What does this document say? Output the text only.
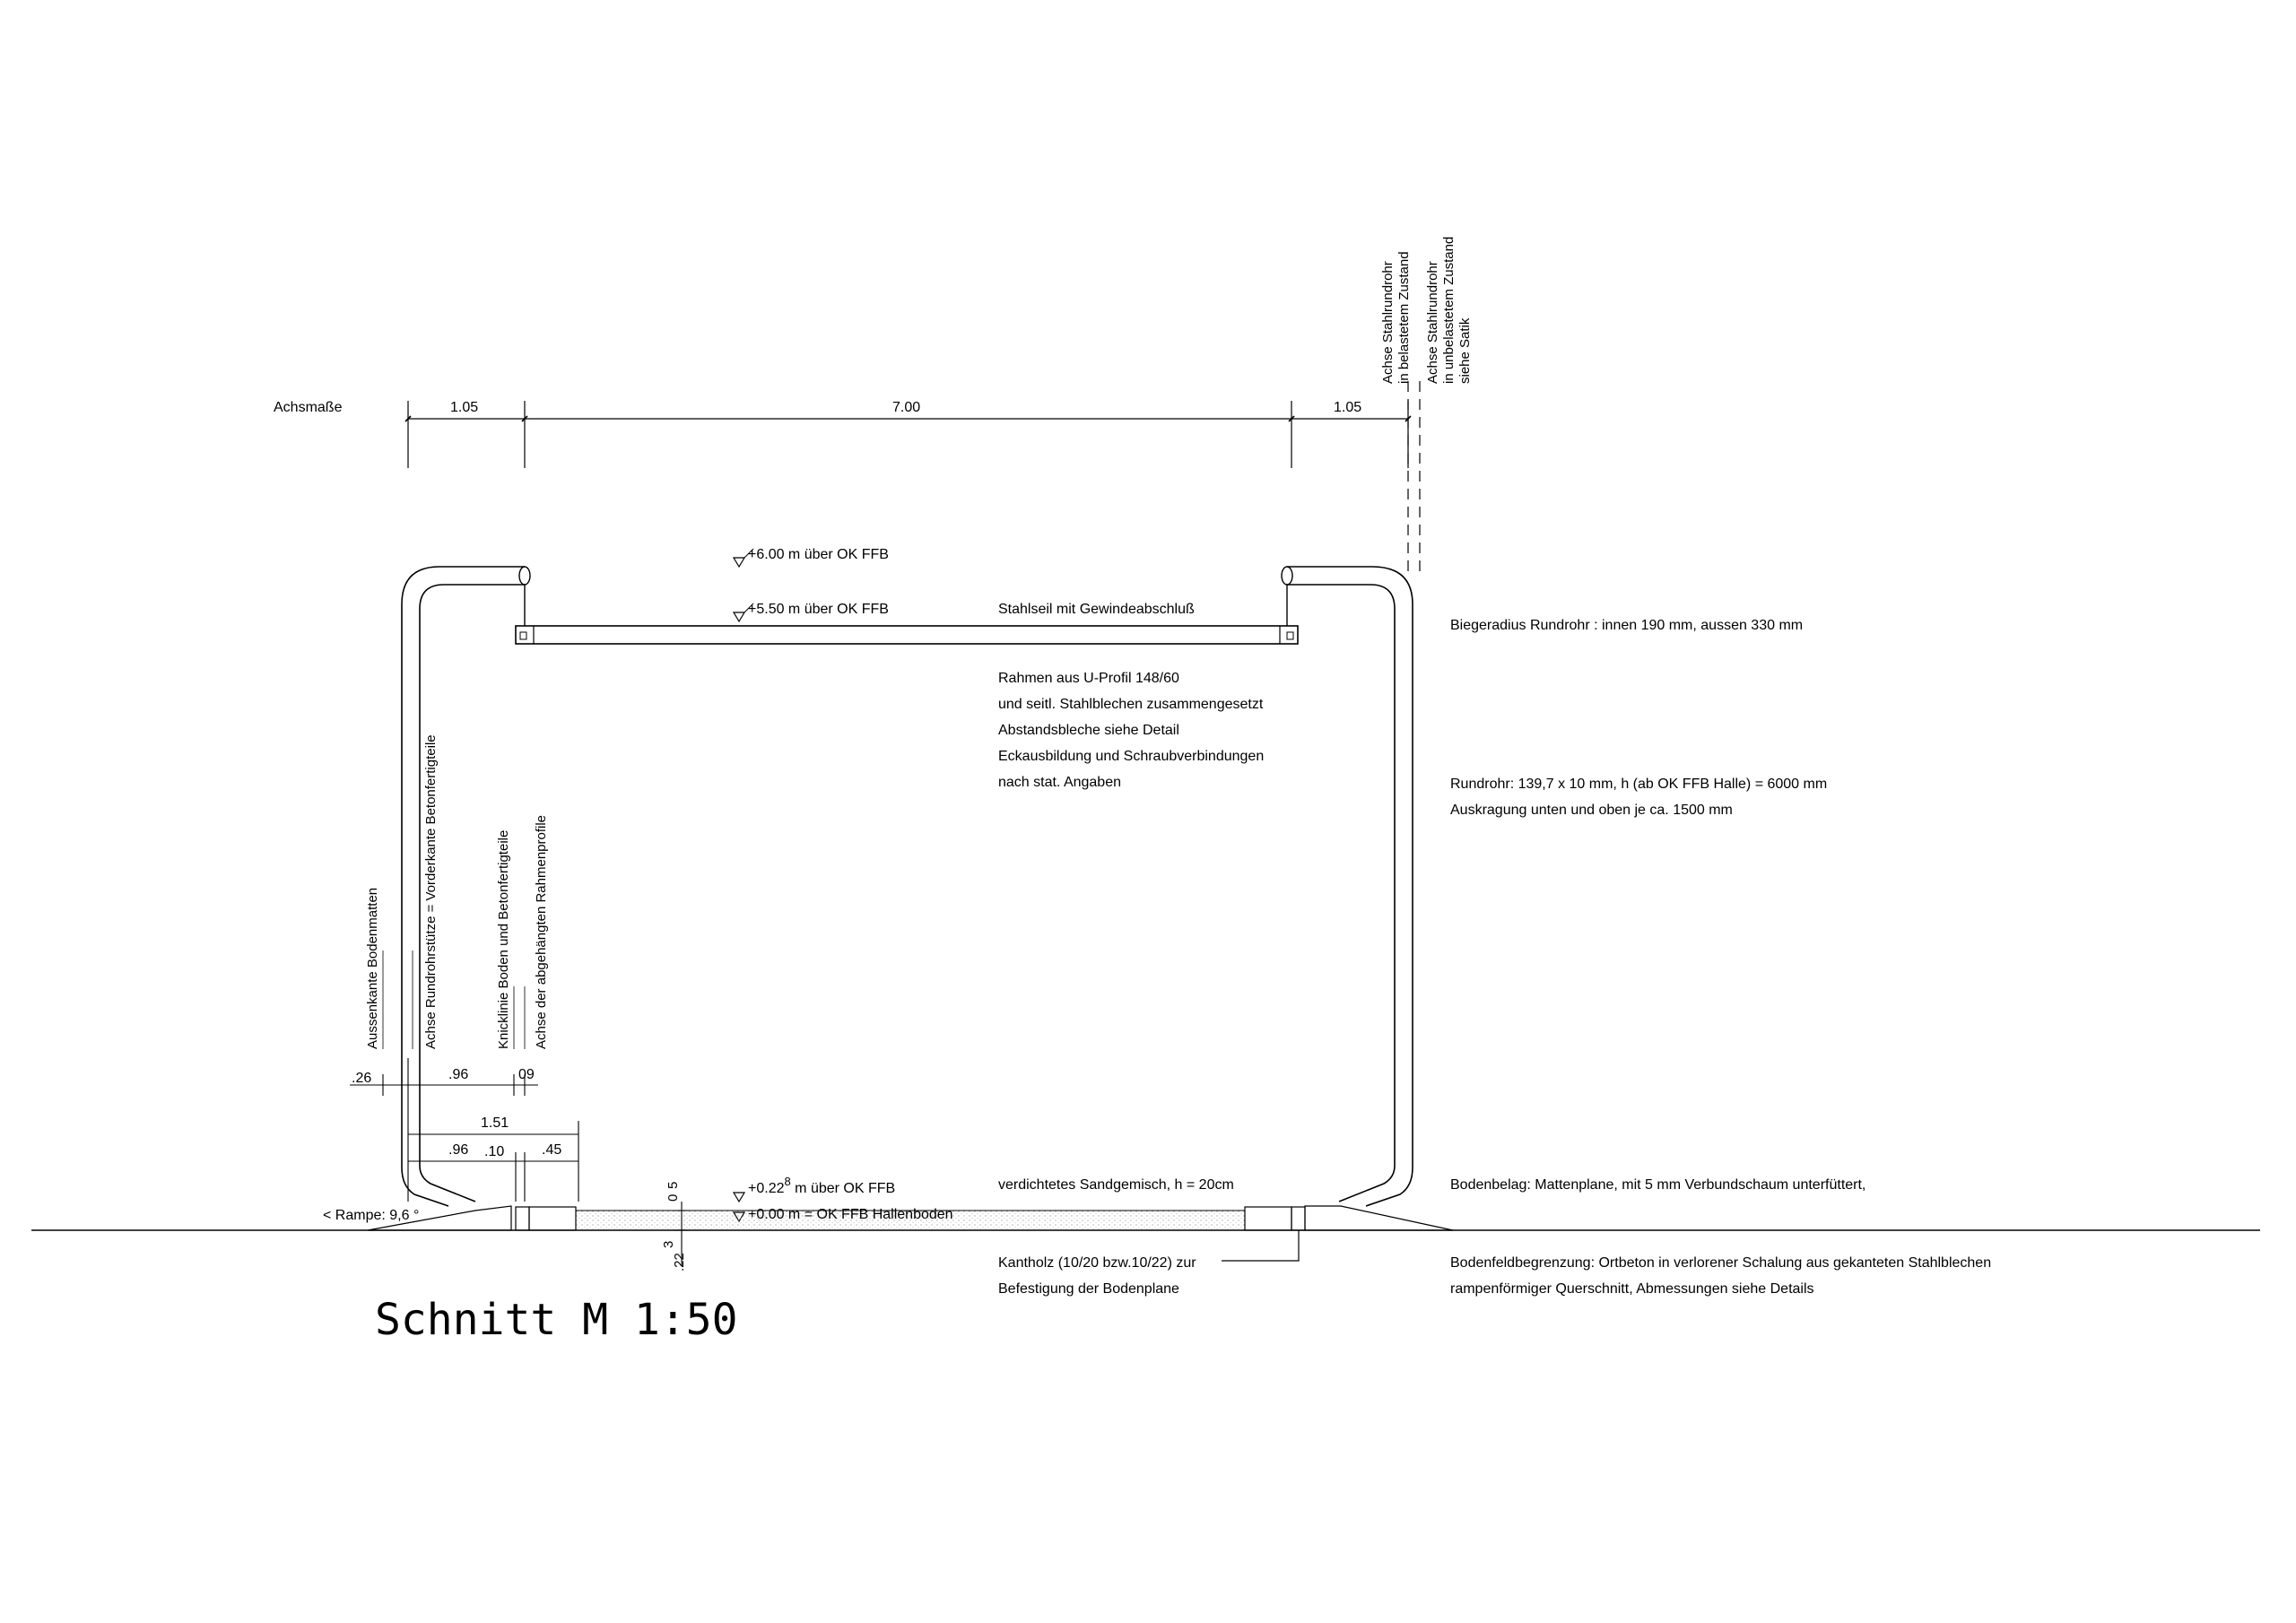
Achsmaße	1.05	7.00	1.05
Achse Stahlrundrohr in belastetem Zustand Achse Stahlrundrohr in unbelastetem Zustand siehe Satik
+6.00 m über OK FFB
+5.50 m über OK FFB
$+0.22^8$ m über OK FFB
+0.00 m = OK FFB Hallenboden
Stahlseil mit Gewindeabschluß
Rahmen aus U-Profil 148/60
und seitl. Stahlblechen zusammengesetzt
Abstandsbleche siehe Detail
Eckausbildung und Schraubverbindungen
nach stat. Angaben
verdichtetes Sandgemisch, h = 20cm
Kantholz (10/20 bzw.10/22) zur
Befestigung der Bodenplane
Biegeradius Rundrohr : innen 190 mm, aussen 330 mm
Rundrohr: 139,7 x 10 mm, h (ab OK FFB Halle) = 6000 mm
Auskragung unten und oben je ca. 1500 mm
Bodenbelag: Mattenplane, mit 5 mm Verbundschaum unterfüttert,
Bodenfeldbegrenzung: Ortbeton in verlorener Schalung aus gekanteten Stahlblechen
rampenförmiger Querschnitt, Abmessungen siehe Details
Aussenkante Bodenmatten	Achse Rundrohrstütze = Vorderkante Betonfertigteile	Knicklinie Boden und Betonfertigteile Achse der abgehängten Rahmenprofile
.26	.96	09
1.51
.96 .10	.45
0
5
3
.22
< Rampe: 9,6 °
Schnitt M 1:50
